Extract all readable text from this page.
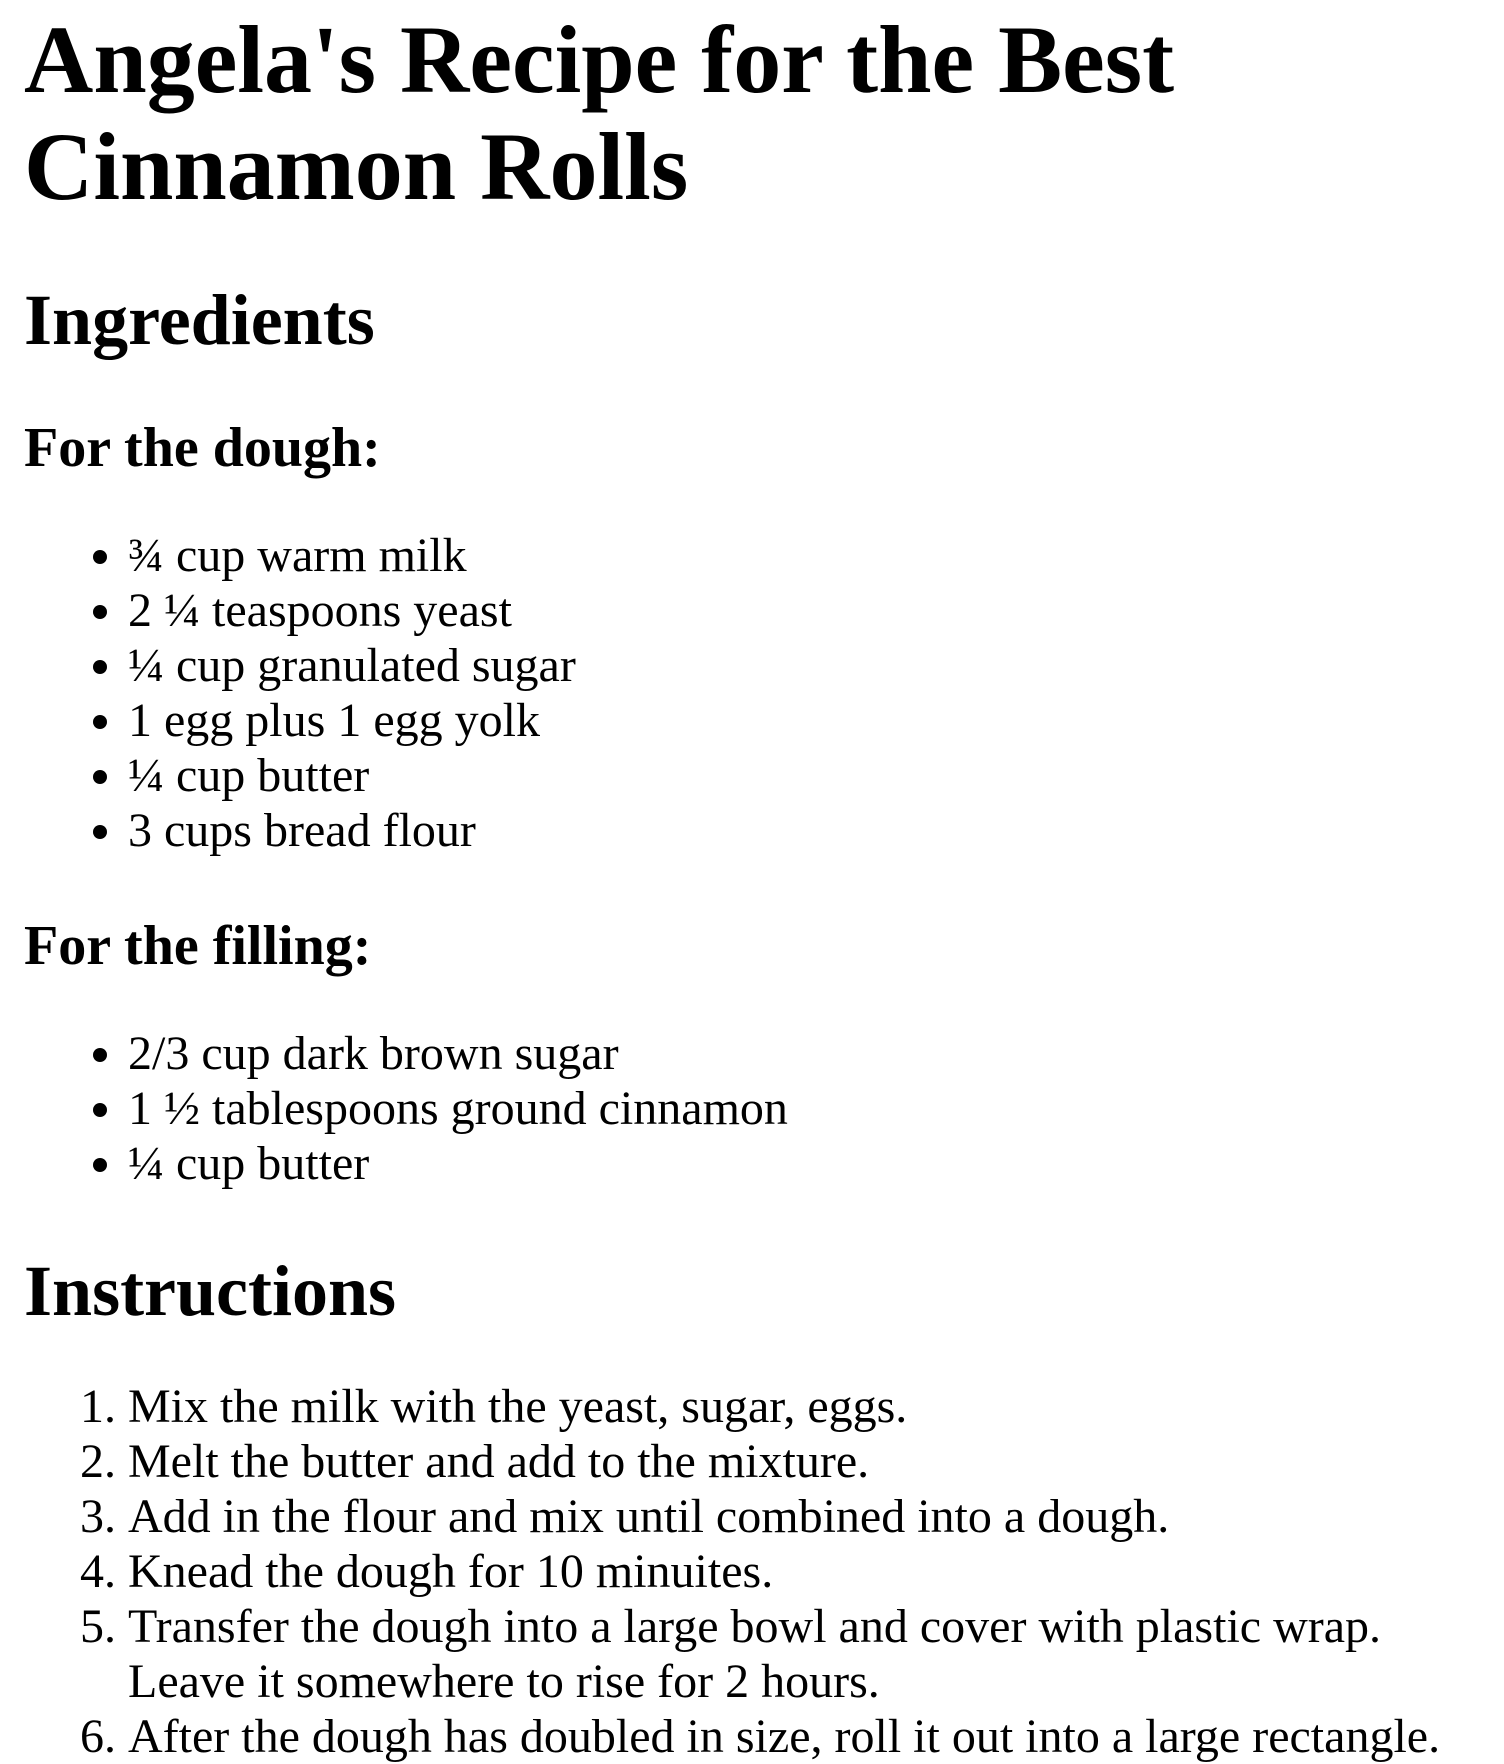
Angela's Recipe for the Best Cinnamon Rolls
Ingredients
For the dough:
• ¾ cup warm milk
• 2 ¼ teaspoons yeast
• ¼ cup granulated sugar
• 1 egg plus 1 egg yolk
• ¼ cup butter
• 3 cups bread flour
For the filling:
• 2/3 cup dark brown sugar
• 1 ½ tablespoons ground cinnamon
• ¼ cup butter
Instructions
1. Mix the milk with the yeast, sugar, eggs.
2. Melt the butter and add to the mixture.
3. Add in the flour and mix until combined into a dough.
4. Knead the dough for 10 minuites.
5. Transfer the dough into a large bowl and cover with plastic wrap. Leave it somewhere to rise for 2 hours.
6. After the dough has doubled in size, roll it out into a large rectangle.
